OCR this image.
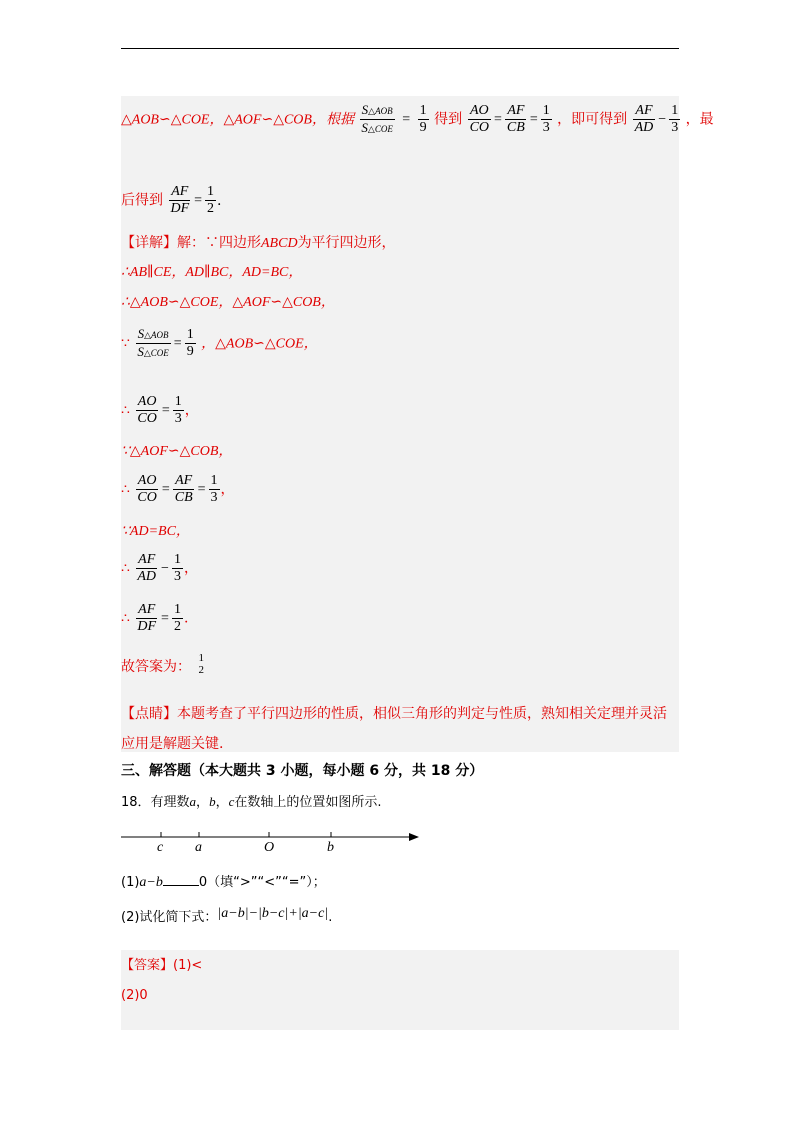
△AOB∽△COE，△AOF∽△COB，根据 $\frac{\text{S△AOB}}{\text{S△COE}} = \frac{1}{9}$ 得到 $\frac{AO}{CO} = \frac{AF}{CB} = \frac{1}{3}$ ，即可得到 $\frac{AF}{AD} - \frac{1}{3}$ ，最
后得到 $\frac{AF}{DF} = \frac{1}{2}$ .
【详解】解：∵四边形ABCD为平行四边形，
∴AB∥CE，AD∥BC，AD=BC，
∴△AOB∽△COE，△AOF∽△COB，
∵ $\frac{\text{S△AOB}}{\text{S△COE}} = \frac{1}{9}$ ，△AOB∽△COE，
∴ $\frac{AO}{CO} = \frac{1}{3}$ ，
∵△AOF∽△COB，
∴ $\frac{AO}{CO} = \frac{AF}{CB} = \frac{1}{3}$ ，
∵AD=BC，
∴ $\frac{AF}{AD} - \frac{1}{3}$ ，
∴ $\frac{AF}{DF} = \frac{1}{2}$ .
故答案为：
1
2
【点睛】本题考查了平行四边形的性质，相似三角形的判定与性质，熟知相关定理并灵活
应用是解题关键.
三、解答题（本大题共 3 小题，每小题 6 分，共 18 分）
18．有理数a，b，c在数轴上的位置如图所示.
c a	O	b
(1)a−b	0（填“>”“<”“=”）；
(2)试化简下式：|a−b|−|b−c|+|a−c|.
【答案】(1)<
(2)0
